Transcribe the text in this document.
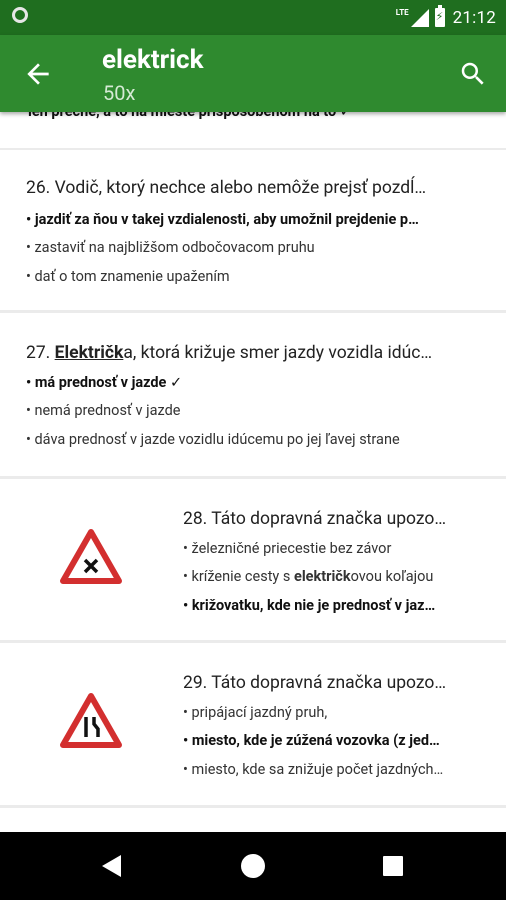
LTE ⚡ 21:12
elektrick
50x
26. Vodič, ktorý nechce alebo nemôže prejsť pozdĺ…
• jazdiť za ňou v takej vzdialenosti, aby umožnil prejdenie p…
• zastaviť na najbližšom odbočovacom pruhu
• dať o tom znamenie upažením
27. Električka, ktorá križuje smer jazdy vozidla idúc…
• má prednosť v jazde ✓
• nemá prednosť v jazde
• dáva prednosť v jazde vozidlu idúcemu po jej ľavej strane
28. Táto dopravná značka upozo…
• železničné priecestie bez závor
• kríženie cesty s električkovou koľajou
• križovatku, kde nie je prednosť v jaz…
29. Táto dopravná značka upozo…
• pripájací jazdný pruh,
• miesto, kde je zúžená vozovka (z jed…
• miesto, kde sa znižuje počet jazdných…
